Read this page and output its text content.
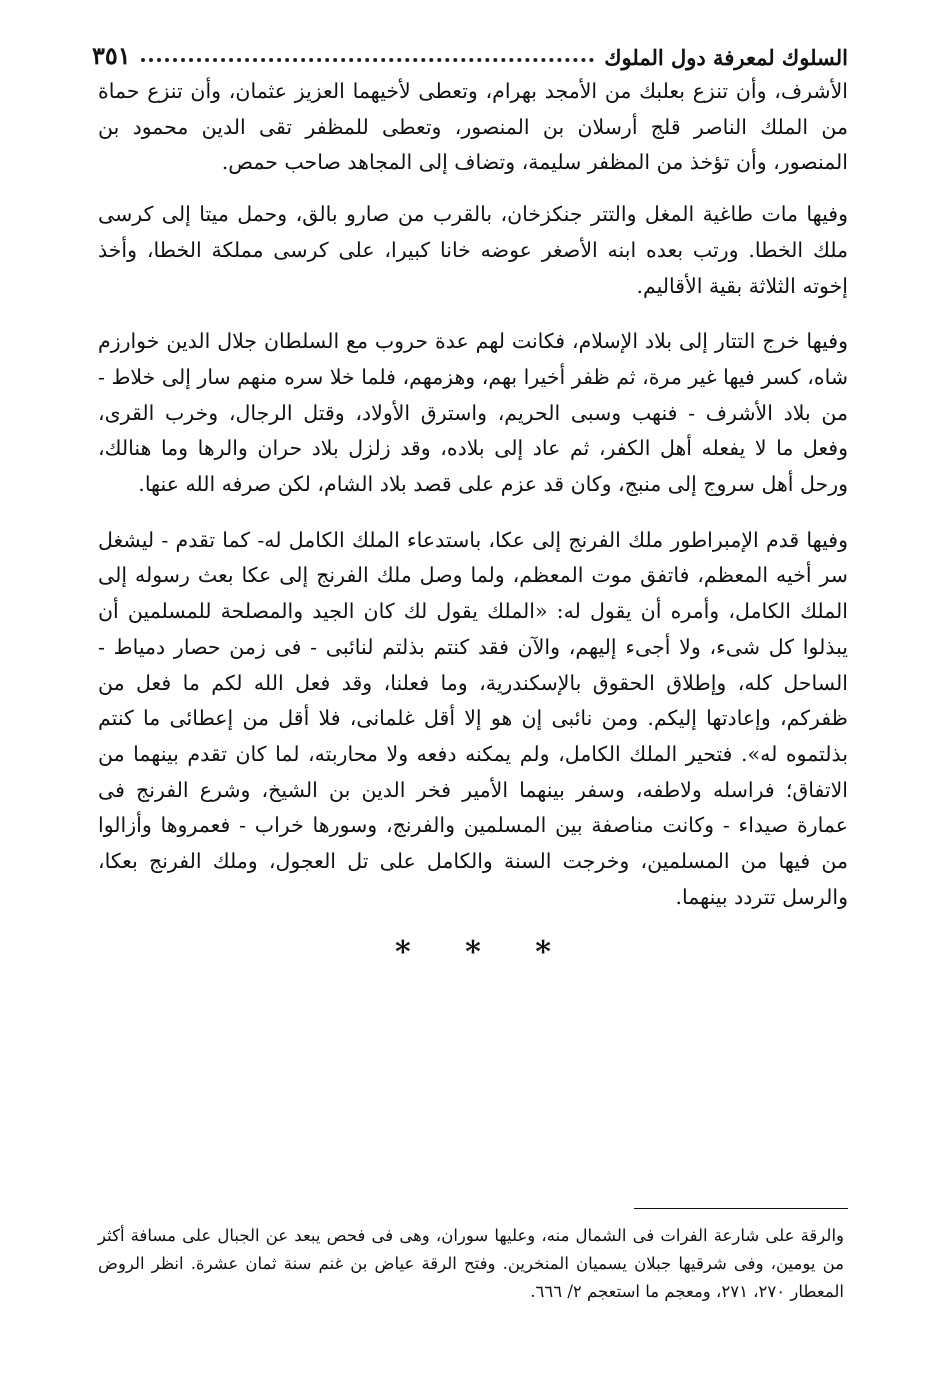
السلوك لمعرفة دول الملوك
٣٥١

الأشرف، وأن تنزع بعلبك من الأمجد بهرام، وتعطى لأخيهما العزيز عثمان، وأن تنزع حماة من الملك الناصر قلج أرسلان بن المنصور، وتعطى للمظفر تقى الدين محمود بن المنصور، وأن تؤخذ من المظفر سليمة، وتضاف إلى المجاهد صاحب حمص.

وفيها مات طاغية المغل والتتر جنكزخان، بالقرب من صارو بالق، وحمل ميتا إلى كرسى ملك الخطا. ورتب بعده ابنه الأصغر عوضه خانا كبيرا، على كرسى مملكة الخطا، وأخذ إخوته الثلاثة بقية الأقاليم.

وفيها خرج التتار إلى بلاد الإسلام، فكانت لهم عدة حروب مع السلطان جلال الدين خوارزم شاه، كسر فيها غير مرة، ثم ظفر أخيرا بهم، وهزمهم، فلما خلا سره منهم سار إلى خلاط - من بلاد الأشرف - فنهب وسبى الحريم، واسترق الأولاد، وقتل الرجال، وخرب القرى، وفعل ما لا يفعله أهل الكفر، ثم عاد إلى بلاده، وقد زلزل بلاد حران والرها وما هنالك، ورحل أهل سروج إلى منبج، وكان قد عزم على قصد بلاد الشام، لكن صرفه الله عنها.

وفيها قدم الإمبراطور ملك الفرنج إلى عكا، باستدعاء الملك الكامل له- كما تقدم - ليشغل سر أخيه المعظم، فاتفق موت المعظم، ولما وصل ملك الفرنج إلى عكا بعث رسوله إلى الملك الكامل، وأمره أن يقول له: «الملك يقول لك كان الجيد والمصلحة للمسلمين أن يبذلوا كل شىء، ولا أجىء إليهم، والآن فقد كنتم بذلتم لنائبى - فى زمن حصار دمياط - الساحل كله، وإطلاق الحقوق بالإسكندرية، وما فعلنا، وقد فعل الله لكم ما فعل من ظفركم، وإعادتها إليكم. ومن نائبى إن هو إلا أقل غلمانى، فلا أقل من إعطائى ما كنتم بذلتموه له». فتحير الملك الكامل، ولم يمكنه دفعه ولا محاربته، لما كان تقدم بينهما من الاتفاق؛ فراسله ولاطفه، وسفر بينهما الأمير فخر الدين بن الشيخ، وشرع الفرنج فى عمارة صيداء - وكانت مناصفة بين المسلمين والفرنج، وسورها خراب - فعمروها وأزالوا من فيها من المسلمين، وخرجت السنة والكامل على تل العجول، وملك الفرنج بعكا، والرسل تتردد بينهما.

* * *

والرقة على شارعة الفرات فى الشمال منه، وعليها سوران، وهى فى فحص يبعد عن الجبال على مسافة أكثر من يومين، وفى شرقيها جبلان يسميان المنخرين. وفتح الرقة عياض بن غنم سنة ثمان عشرة. انظر الروض المعطار ٢٧٠، ٢٧١، ومعجم ما استعجم ٢/ ٦٦٦.
